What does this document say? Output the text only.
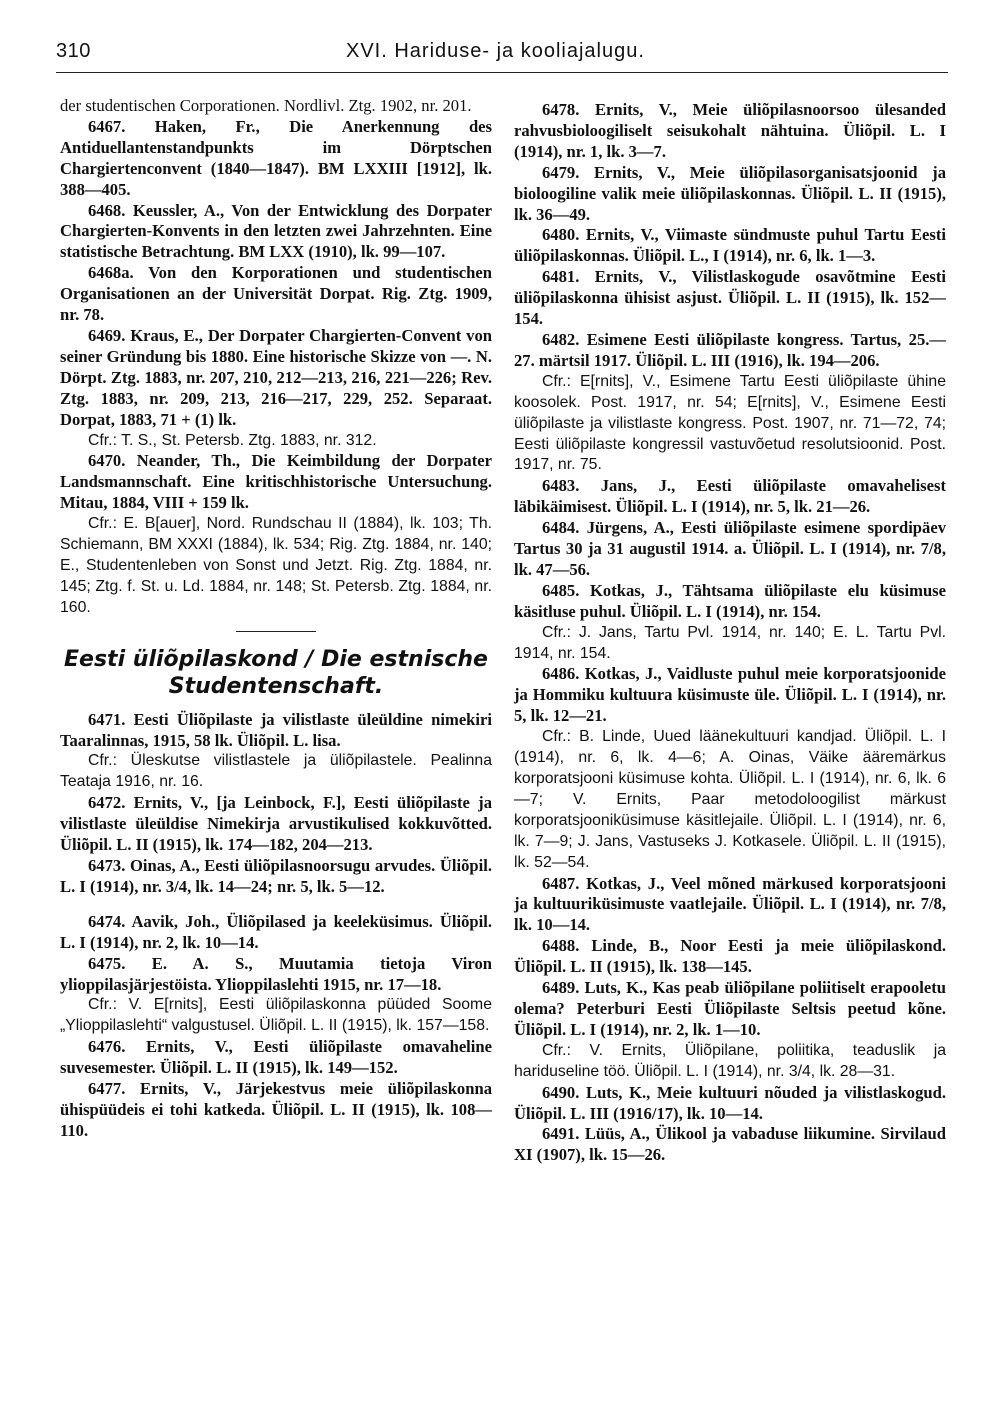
310	XVI. Hariduse- ja kooliajalugu.

der studentischen Corporationen. Nordlivl. Ztg. 1902, nr. 201.

6467. Haken, Fr., Die Anerkennung des Antiduellantenstandpunkts im Dörptschen Chargiertenconvent (1840—1847). BM LXXIII [1912], lk. 388—405.

6468. Keussler, A., Von der Entwicklung des Dorpater Chargierten-Konvents in den letzten zwei Jahrzehnten. Eine statistische Betrachtung. BM LXX (1910), lk. 99—107.

6468a. Von den Korporationen und studentischen Organisationen an der Universität Dorpat. Rig. Ztg. 1909, nr. 78.

6469. Kraus, E., Der Dorpater Chargierten-Convent von seiner Gründung bis 1880. Eine historische Skizze von —. N. Dörpt. Ztg. 1883, nr. 207, 210, 212—213, 216, 221—226; Rev. Ztg. 1883, nr. 209, 213, 216—217, 229, 252. Separaat. Dorpat, 1883, 71 + (1) lk.

Cfr.: T. S., St. Petersb. Ztg. 1883, nr. 312.

6470. Neander, Th., Die Keimbildung der Dorpater Landsmannschaft. Eine kritischhistorische Untersuchung. Mitau, 1884, VIII + 159 lk.

Cfr.: E. B[auer], Nord. Rundschau II (1884), lk. 103; Th. Schiemann, BM XXXI (1884), lk. 534; Rig. Ztg. 1884, nr. 140; E., Studentenleben von Sonst und Jetzt. Rig. Ztg. 1884, nr. 145; Ztg. f. St. u. Ld. 1884, nr. 148; St. Petersb. Ztg. 1884, nr. 160.

Eesti üliõpilaskond / Die estnische Studentenschaft.

6471. Eesti Üliõpilaste ja vilistlaste üleüldine nimekiri Taaralinnas, 1915, 58 lk. Üliõpil. L. lisa.

Cfr.: Üleskutse vilistlastele ja üliõpilastele. Pealinna Teataja 1916, nr. 16.

6472. Ernits, V., [ja Leinbock, F.], Eesti üliõpilaste ja vilistlaste üleüldise Nimekirja arvustikulised kokkuvõtted. Üliõpil. L. II (1915), lk. 174—182, 204—213.

6473. Oinas, A., Eesti üliõpilasnoorsugu arvudes. Üliõpil. L. I (1914), nr. 3/4, lk. 14—24; nr. 5, lk. 5—12.

6474. Aavik, Joh., Üliõpilased ja keeleküsimus. Üliõpil. L. I (1914), nr. 2, lk. 10—14.

6475. E. A. S., Muutamia tietoja Viron ylioppilasjärjestöista. Ylioppilaslehti 1915, nr. 17—18.

Cfr.: V. E[rnits], Eesti üliõpilaskonna püüded Soome „Ylioppilaslehti“ valgustusel. Üliõpil. L. II (1915), lk. 157—158.

6476. Ernits, V., Eesti üliõpilaste omavaheline suvesemester. Üliõpil. L. II (1915), lk. 149—152.

6477. Ernits, V., Järjekestvus meie üliõpilaskonna ühispüüdeis ei tohi katkeda. Üliõpil. L. II (1915), lk. 108—110.

6478. Ernits, V., Meie üliõpilasnoorsoo ülesanded rahvusbioloogiliselt seisukohalt nähtuina. Üliõpil. L. I (1914), nr. 1, lk. 3—7.

6479. Ernits, V., Meie üliõpilasorganisatsjoonid ja bioloogiline valik meie üliõpilaskonnas. Üliõpil. L. II (1915), lk. 36—49.

6480. Ernits, V., Viimaste sündmuste puhul Tartu Eesti üliõpilaskonnas. Üliõpil. L., I (1914), nr. 6, lk. 1—3.

6481. Ernits, V., Vilistlaskogude osavõtmine Eesti üliõpilaskonna ühisist asjust. Üliõpil. L. II (1915), lk. 152—154.

6482. Esimene Eesti üliõpilaste kongress. Tartus, 25.—27. märtsil 1917. Üliõpil. L. III (1916), lk. 194—206.

Cfr.: E[rnits], V., Esimene Tartu Eesti üliõpilaste ühine koosolek. Post. 1917, nr. 54; E[rnits], V., Esimene Eesti üliõpilaste ja vilistlaste kongress. Post. 1907, nr. 71—72, 74; Eesti üliõpilaste kongressil vastuvõetud resolutsioonid. Post. 1917, nr. 75.

6483. Jans, J., Eesti üliõpilaste omavahelisest läbikäimisest. Üliõpil. L. I (1914), nr. 5, lk. 21—26.

6484. Jürgens, A., Eesti üliõpilaste esimene spordipäev Tartus 30 ja 31 augustil 1914. a. Üliõpil. L. I (1914), nr. 7/8, lk. 47—56.

6485. Kotkas, J., Tähtsama üliõpilaste elu küsimuse käsitluse puhul. Üliõpil. L. I (1914), nr. 154.

Cfr.: J. Jans, Tartu Pvl. 1914, nr. 140; E. L. Tartu Pvl. 1914, nr. 154.

6486. Kotkas, J., Vaidluste puhul meie korporatsjoonide ja Hommiku kultuura küsimuste üle. Üliõpil. L. I (1914), nr. 5, lk. 12—21.

Cfr.: B. Linde, Uued läänekultuuri kandjad. Üliõpil. L. I (1914), nr. 6, lk. 4—6; A. Oinas, Väike ääremärkus korporatsjooni küsimuse kohta. Üliõpil. L. I (1914), nr. 6, lk. 6—7; V. Ernits, Paar metodoloogilist märkust korporatsjooniküsimuse käsitlejaile. Üliõpil. L. I (1914), nr. 6, lk. 7—9; J. Jans, Vastuseks J. Kotkasele. Üliõpil. L. II (1915), lk. 52—54.

6487. Kotkas, J., Veel mõned märkused korporatsjooni ja kultuuriküsimuste vaatlejaile. Üliõpil. L. I (1914), nr. 7/8, lk. 10—14.

6488. Linde, B., Noor Eesti ja meie üliõpilaskond. Üliõpil. L. II (1915), lk. 138—145.

6489. Luts, K., Kas peab üliõpilane poliitiselt erapooletu olema? Peterburi Eesti Üliõpilaste Seltsis peetud kõne. Üliõpil. L. I (1914), nr. 2, lk. 1—10.

Cfr.: V. Ernits, Üliõpilane, poliitika, teaduslik ja hariduseline töö. Üliõpil. L. I (1914), nr. 3/4, lk. 28—31.

6490. Luts, K., Meie kultuuri nõuded ja vilistlaskogud. Üliõpil. L. III (1916/17), lk. 10—14.

6491. Lüüs, A., Ülikool ja vabaduse liikumine. Sirvilaud XI (1907), lk. 15—26.
